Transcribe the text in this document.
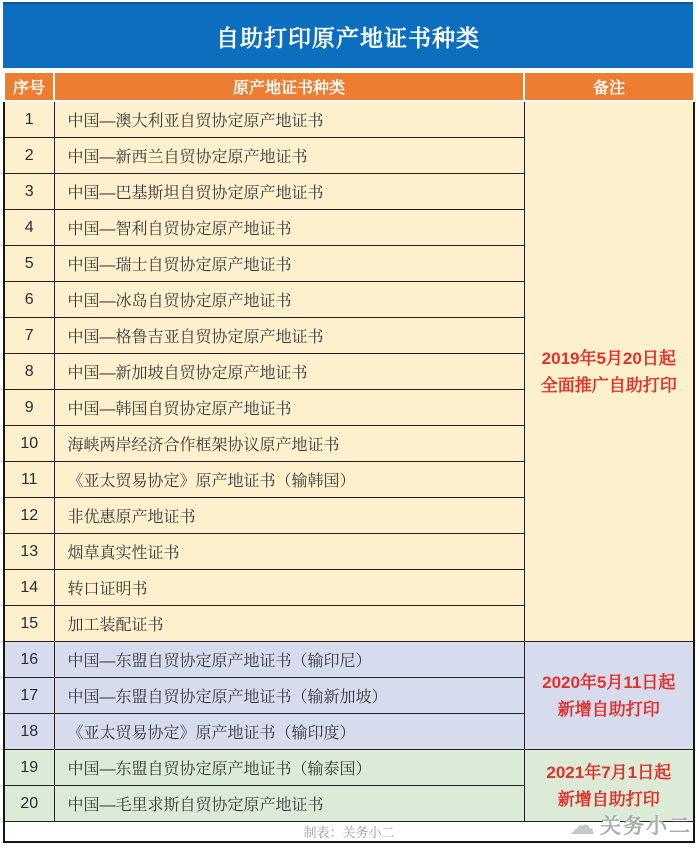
自助打印原产地证书种类
序号	原产地证书种类	备注
1	中国—澳大利亚自贸协定原产地证书	2019年5月20日起
全面推广自助打印

2	中国—新西兰自贸协定原产地证书	
3	中国—巴基斯坦自贸协定原产地证书	
4	中国—智利自贸协定原产地证书	
5	中国—瑞士自贸协定原产地证书	
6	中国—冰岛自贸协定原产地证书	
7	中国—格鲁吉亚自贸协定原产地证书	
8	中国—新加坡自贸协定原产地证书	
9	中国—韩国自贸协定原产地证书	
10	海峡两岸经济合作框架协议原产地证书	
11	《亚太贸易协定》原产地证书（输韩国）	
12	非优惠原产地证书	
13	烟草真实性证书	
14	转口证明书	
15	加工装配证书	
16	中国—东盟自贸协定原产地证书（输印尼）	2020年5月11日起
新增自助打印

17	中国—东盟自贸协定原产地证书（输新加坡）	
18	《亚太贸易协定》原产地证书（输印度）	
19	中国—东盟自贸协定原产地证书（输泰国）	2021年7月1日起
新增自助打印

20	中国—毛里求斯自贸协定原产地证书	
制表：关务小二			☁ 关务小二
